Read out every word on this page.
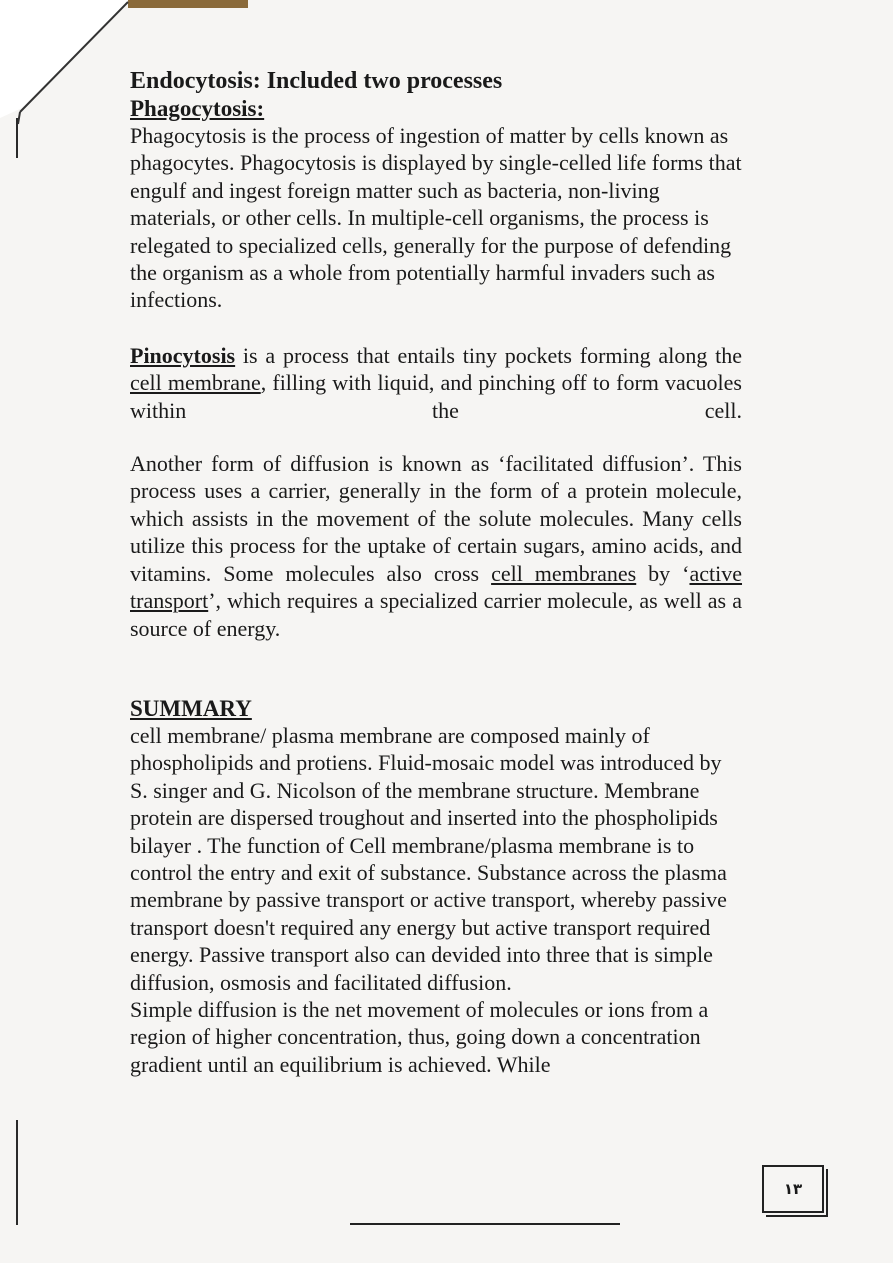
Endocytosis: Included two processes
Phagocytosis:

Phagocytosis is the process of ingestion of matter by cells known as phagocytes. Phagocytosis is displayed by single-celled life forms that engulf and ingest foreign matter such as bacteria, non-living materials, or other cells. In multiple-cell organisms, the process is relegated to specialized cells, generally for the purpose of defending the organism as a whole from potentially harmful invaders such as infections.

Pinocytosis is a process that entails tiny pockets forming along the cell membrane, filling with liquid, and pinching off to form vacuoles within the cell.

Another form of diffusion is known as ‘facilitated diffusion’. This process uses a carrier, generally in the form of a protein molecule, which assists in the movement of the solute molecules. Many cells utilize this process for the uptake of certain sugars, amino acids, and vitamins. Some molecules also cross cell membranes by ‘active transport’, which requires a specialized carrier molecule, as well as a source of energy.

SUMMARY

cell membrane/ plasma membrane are composed mainly of phospholipids and protiens. Fluid-mosaic model was introduced by S. singer and G. Nicolson of the membrane structure. Membrane protein are dispersed troughout and inserted into the phospholipids bilayer . The function of Cell membrane/plasma membrane is to control the entry and exit of substance. Substance across the plasma membrane by passive transport or active transport, whereby passive transport doesn't required any energy but active transport required energy. Passive transport also can devided into three that is simple diffusion, osmosis and facilitated diffusion.

Simple diffusion is the net movement of molecules or ions from a region of higher concentration, thus, going down a concentration gradient until an equilibrium is achieved. While

١٣
